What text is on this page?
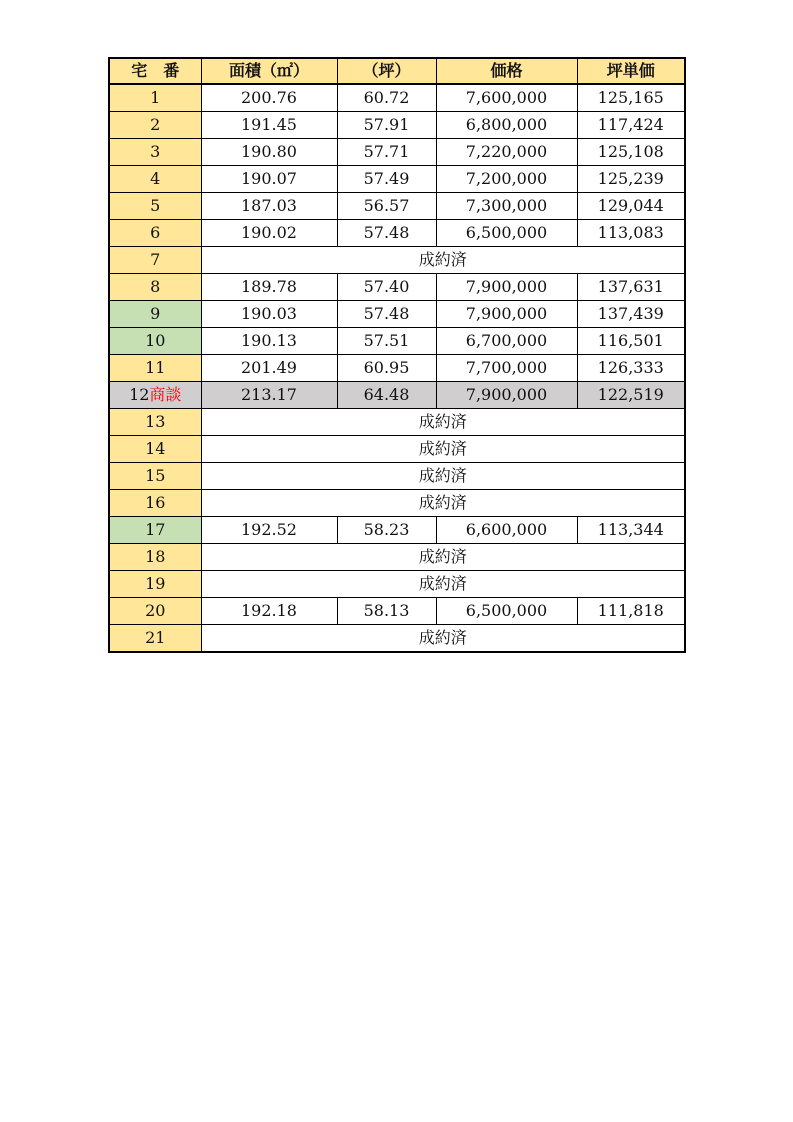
宅　番	面積（㎡）	（坪）	価格	坪単価
1	200.76	60.72	7,600,000	125,165
2	191.45	57.91	6,800,000	117,424
3	190.80	57.71	7,220,000	125,108
4	190.07	57.49	7,200,000	125,239
5	187.03	56.57	7,300,000	129,044
6	190.02	57.48	6,500,000	113,083
7	成約済			
8	189.78	57.40	7,900,000	137,631
9	190.03	57.48	7,900,000	137,439
10	190.13	57.51	6,700,000	116,501
11	201.49	60.95	7,700,000	126,333
12商談	213.17	64.48	7,900,000	122,519
13	成約済			
14	成約済			
15	成約済			
16	成約済			
17	192.52	58.23	6,600,000	113,344
18	成約済			
19	成約済			
20	192.18	58.13	6,500,000	111,818
21	成約済			
